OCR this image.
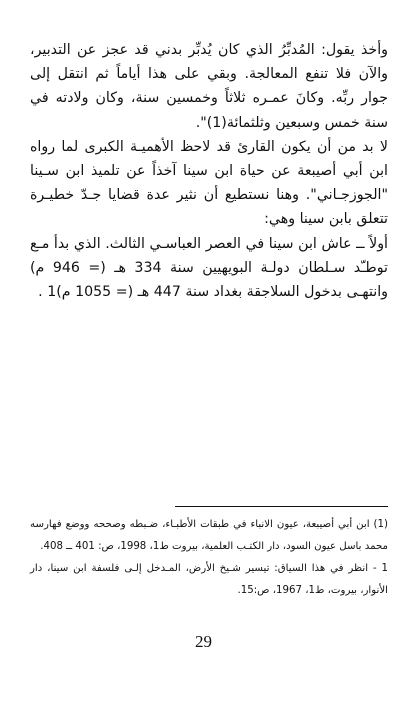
وأخذ يقول: المُدبِّرُ الذي كان يُدبِّر بدني قد عجز عن التدبير، والآن فلا تنفع المعالجة. وبقي على هذا أياماً ثم انتقل إلى جوار ربِّه. وكانَ عمـره ثلاثاً وخمسين سنة، وكان ولادته في سنة خمس وسبعين وثلثمائة(1)".

لا بد من أن يكون القارئ قد لاحظ الأهميـة الكبرى لما رواه ابن أبي أصيبعة عن حياة ابن سينا آخذاً عن تلميذ ابن سـينا "الجوزجـاني". وهنا نستطيع أن نثير عدة قضايا جـدّ خطيـرة تتعلق بابن سينا وهي:

أولاً ــ عاش ابن سينا في العصر العباسـي الثالث. الذي بدأ مـع توطـّد سـلطان دولـة البويهيين سنة 334 هـ (= 946 م) وانتهـى بدخول السلاجقة بغداد سنة 447 هـ (= 1055 م)1 .

(1) ابن أبي أصيبعة، عيون الانباء في طبقات الأطبـاء، ضـبطه وصححه ووضع فهارسه محمد باسل عيون السود، دار الكتـب العلمية، بيروت ط1، 1998، ص: 401 ــ 408.

1 - انظر في هذا السياق: تيسير شـيخ الأرض، المـدخل إلـى فلسفة ابن سينا، دار الأنوار، بيروت، ط1، 1967، ص:15.

29
